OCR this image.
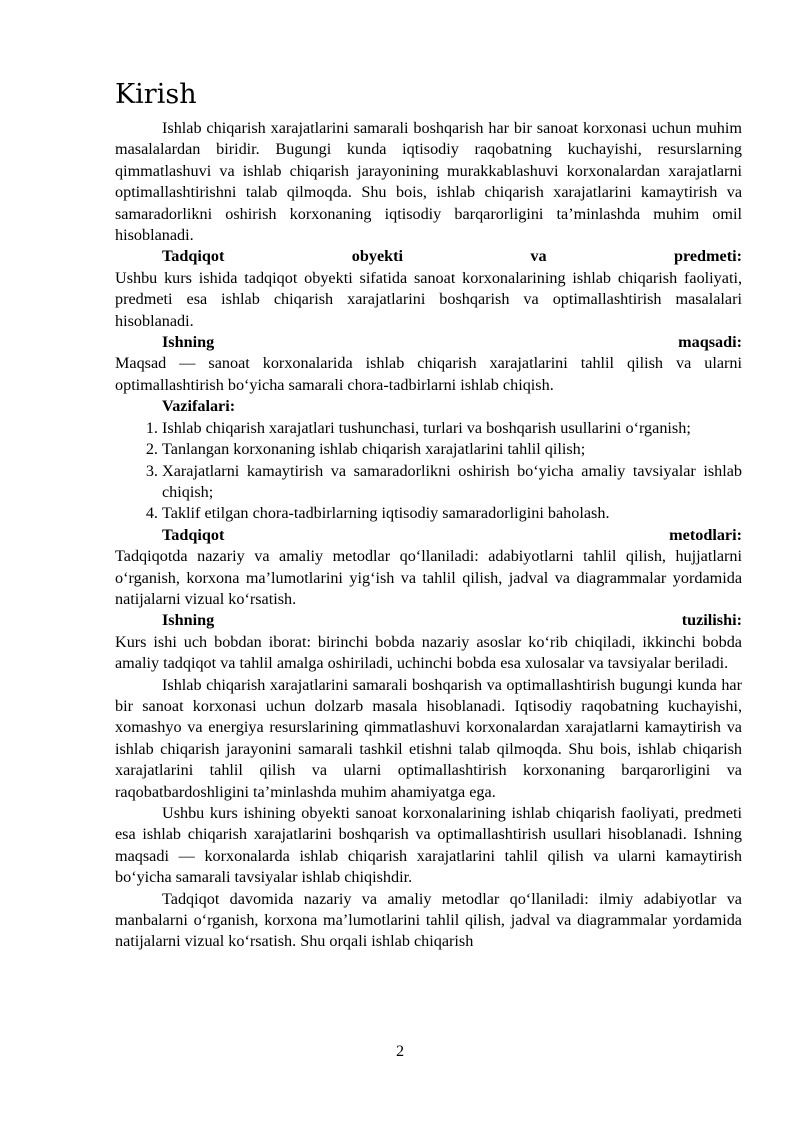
Kirish

Ishlab chiqarish xarajatlarini samarali boshqarish har bir sanoat korxonasi uchun muhim masalalardan biridir. Bugungi kunda iqtisodiy raqobatning kuchayishi, resurslarning qimmatlashuvi va ishlab chiqarish jarayonining murakkablashuvi korxonalardan xarajatlarni optimallashtirishni talab qilmoqda. Shu bois, ishlab chiqarish xarajatlarini kamaytirish va samaradorlikni oshirish korxonaning iqtisodiy barqarorligini ta’minlashda muhim omil hisoblanadi.

Tadqiqot obyekti va predmeti:

Ushbu kurs ishida tadqiqot obyekti sifatida sanoat korxonalarining ishlab chiqarish faoliyati, predmeti esa ishlab chiqarish xarajatlarini boshqarish va optimallashtirish masalalari hisoblanadi.

Ishning maqsadi:

Maqsad — sanoat korxonalarida ishlab chiqarish xarajatlarini tahlil qilish va ularni optimallashtirish bo‘yicha samarali chora-tadbirlarni ishlab chiqish.

Vazifalari:

1. Ishlab chiqarish xarajatlari tushunchasi, turlari va boshqarish usullarini o‘rganish;
2. Tanlangan korxonaning ishlab chiqarish xarajatlarini tahlil qilish;
3. Xarajatlarni kamaytirish va samaradorlikni oshirish bo‘yicha amaliy tavsiyalar ishlab chiqish;
4. Taklif etilgan chora-tadbirlarning iqtisodiy samaradorligini baholash.

Tadqiqot metodlari:

Tadqiqotda nazariy va amaliy metodlar qo‘llaniladi: adabiyotlarni tahlil qilish, hujjatlarni o‘rganish, korxona ma’lumotlarini yig‘ish va tahlil qilish, jadval va diagrammalar yordamida natijalarni vizual ko‘rsatish.

Ishning tuzilishi:

Kurs ishi uch bobdan iborat: birinchi bobda nazariy asoslar ko‘rib chiqiladi, ikkinchi bobda amaliy tadqiqot va tahlil amalga oshiriladi, uchinchi bobda esa xulosalar va tavsiyalar beriladi.

Ishlab chiqarish xarajatlarini samarali boshqarish va optimallashtirish bugungi kunda har bir sanoat korxonasi uchun dolzarb masala hisoblanadi. Iqtisodiy raqobatning kuchayishi, xomashyo va energiya resurslarining qimmatlashuvi korxonalardan xarajatlarni kamaytirish va ishlab chiqarish jarayonini samarali tashkil etishni talab qilmoqda. Shu bois, ishlab chiqarish xarajatlarini tahlil qilish va ularni optimallashtirish korxonaning barqarorligini va raqobatbardoshligini ta’minlashda muhim ahamiyatga ega.

Ushbu kurs ishining obyekti sanoat korxonalarining ishlab chiqarish faoliyati, predmeti esa ishlab chiqarish xarajatlarini boshqarish va optimallashtirish usullari hisoblanadi. Ishning maqsadi — korxonalarda ishlab chiqarish xarajatlarini tahlil qilish va ularni kamaytirish bo‘yicha samarali tavsiyalar ishlab chiqishdir.

Tadqiqot davomida nazariy va amaliy metodlar qo‘llaniladi: ilmiy adabiyotlar va manbalarni o‘rganish, korxona ma’lumotlarini tahlil qilish, jadval va diagrammalar yordamida natijalarni vizual ko‘rsatish. Shu orqali ishlab chiqarish

2
